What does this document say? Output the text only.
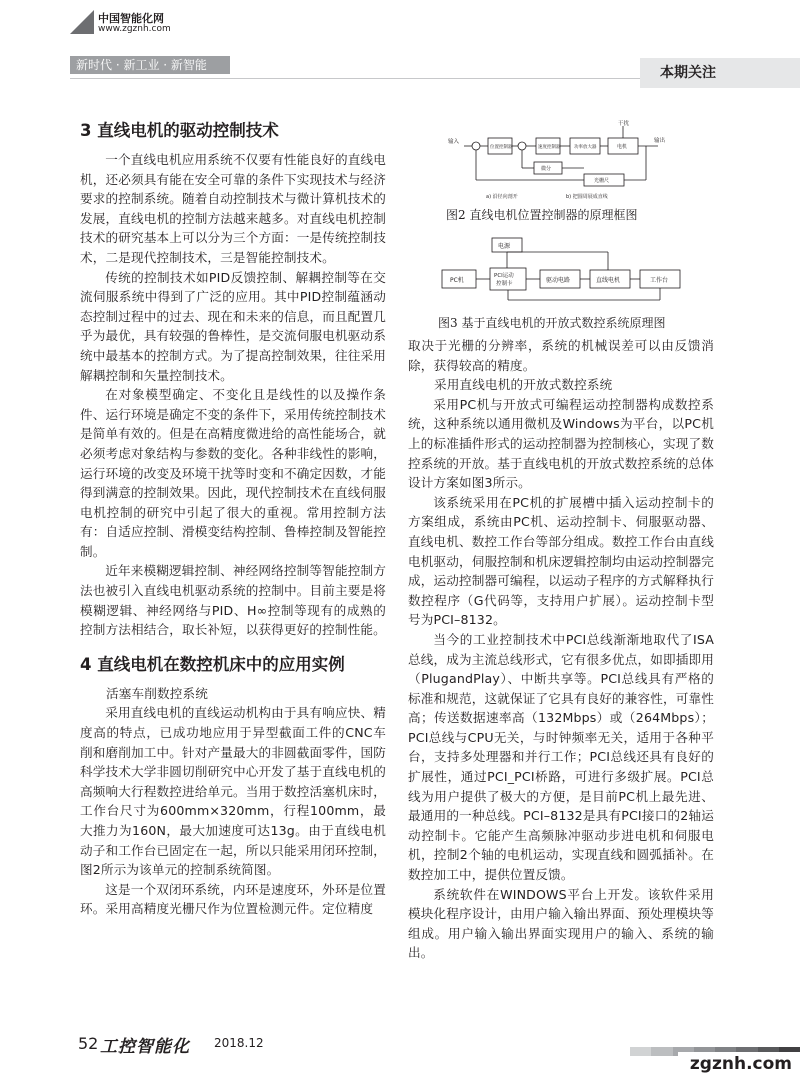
中国智能化网
www.zgznh.com
新时代 · 新工业 · 新智能	本期关注
3 直线电机的驱动控制技术

一个直线电机应用系统不仅要有性能良好的直线电机，还必须具有能在安全可靠的条件下实现技术与经济要求的控制系统。随着自动控制技术与微计算机技术的发展，直线电机的控制方法越来越多。对直线电机控制技术的研究基本上可以分为三个方面：一是传统控制技术，二是现代控制技术，三是智能控制技术。

传统的控制技术如PID反馈控制、解耦控制等在交流伺服系统中得到了广泛的应用。其中PID控制蕴涵动态控制过程中的过去、现在和未来的信息，而且配置几乎为最优，具有较强的鲁棒性，是交流伺服电机驱动系统中最基本的控制方式。为了提高控制效果，往往采用解耦控制和矢量控制技术。

在对象模型确定、不变化且是线性的以及操作条件、运行环境是确定不变的条件下，采用传统控制技术是简单有效的。但是在高精度微进给的高性能场合，就必须考虑对象结构与参数的变化。各种非线性的影响，运行环境的改变及环境干扰等时变和不确定因数，才能得到满意的控制效果。因此，现代控制技术在直线伺服电机控制的研究中引起了很大的重视。常用控制方法有：自适应控制、滑模变结构控制、鲁棒控制及智能控制。

近年来模糊逻辑控制、神经网络控制等智能控制方法也被引入直线电机驱动系统的控制中。目前主要是将模糊逻辑、神经网络与PID、H∞控制等现有的成熟的控制方法相结合，取长补短，以获得更好的控制性能。

4 直线电机在数控机床中的应用实例

活塞车削数控系统

采用直线电机的直线运动机构由于具有响应快、精度高的特点，已成功地应用于异型截面工件的CNC车削和磨削加工中。针对产量最大的非圆截面零件，国防科学技术大学非圆切削研究中心开发了基于直线电机的高频响大行程数控进给单元。当用于数控活塞机床时，工作台尺寸为600mm×320mm，行程100mm，最大推力为160N，最大加速度可达13g。由于直线电机动子和工作台已固定在一起，所以只能采用闭环控制，图2所示为该单元的控制系统简图。

这是一个双闭环系统，内环是速度环，外环是位置环。采用高精度光栅尺作为位置检测元件。定位精度

输入	输出
干扰
位置控制器	速度控制器	功率放大器	电机
微分
光栅尺
a) 沿径向剖开	b) 把圆周展成直线
图2 直线电机位置控制器的原理框图
电源
PC机
PCI运动
控制卡	驱动电路	直线电机	工作台
图3 基于直线电机的开放式数控系统原理图

取决于光栅的分辨率，系统的机械误差可以由反馈消除，获得较高的精度。

采用直线电机的开放式数控系统

采用PC机与开放式可编程运动控制器构成数控系统，这种系统以通用微机及Windows为平台，以PC机上的标准插件形式的运动控制器为控制核心，实现了数控系统的开放。基于直线电机的开放式数控系统的总体设计方案如图3所示。

该系统采用在PC机的扩展槽中插入运动控制卡的方案组成，系统由PC机、运动控制卡、伺服驱动器、直线电机、数控工作台等部分组成。数控工作台由直线电机驱动，伺服控制和机床逻辑控制均由运动控制器完成，运动控制器可编程，以运动子程序的方式解释执行数控程序（G代码等，支持用户扩展）。运动控制卡型号为PCI–8132。

当今的工业控制技术中PCI总线渐渐地取代了ISA总线，成为主流总线形式，它有很多优点，如即插即用（PlugandPlay）、中断共享等。PCI总线具有严格的标准和规范，这就保证了它具有良好的兼容性，可靠性高；传送数据速率高（132Mbps）或（264Mbps）；PCI总线与CPU无关，与时钟频率无关，适用于各种平台，支持多处理器和并行工作；PCI总线还具有良好的扩展性，通过PCI_PCI桥路，可进行多级扩展。PCI总线为用户提供了极大的方便，是目前PC机上最先进、最通用的一种总线。PCI–8132是具有PCI接口的2轴运动控制卡。它能产生高频脉冲驱动步进电机和伺服电机，控制2个轴的电机运动，实现直线和圆弧插补。在数控加工中，提供位置反馈。

系统软件在WINDOWS平台上开发。该软件采用模块化程序设计，由用户输入输出界面、预处理模块等组成。用户输入输出界面实现用户的输入、系统的输出。

52 工控智能化 2018.12
zgznh.com
